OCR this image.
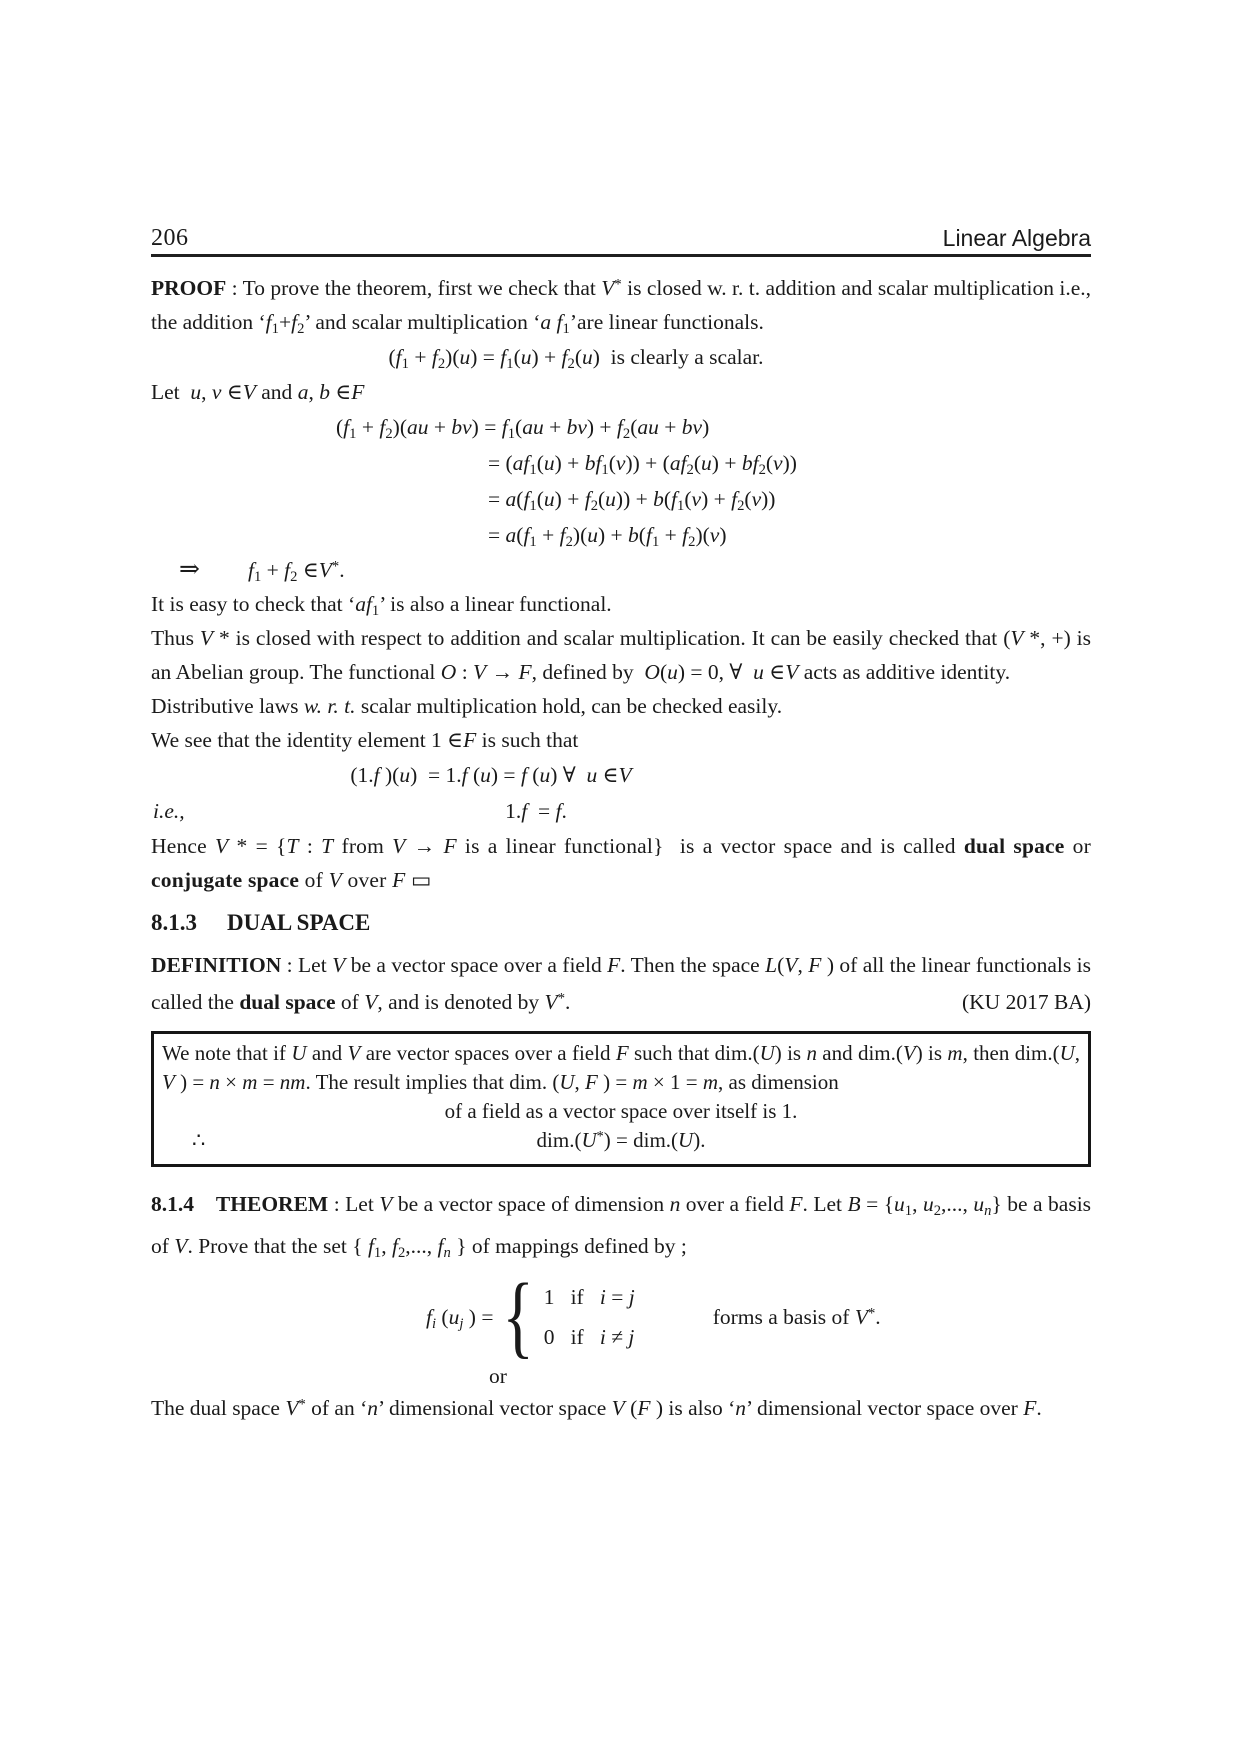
206	Linear Algebra

PROOF : To prove the theorem, first we check that V* is closed w. r. t. addition and scalar multiplication i.e., the addition ‘$f_1+f_2$’ and scalar multiplication ‘a $f_1’are$ linear functionals.

$(f_1 + f_2)(u) = f_1(u) + f_2(u)$  is clearly a scalar.

Let  u, v ∈V and a, b ∈F

$(f_1 + f_2)(au + bv) = f_1(au + bv) + f_2(au + bv)$
= $(af_1(u) + bf_1(v)) + (af_2(u) + bf_2(v))$
= $a(f_1(u) + f_2(u)) + b(f_1(v) + f_2(v))$
= $a(f_1 + f_2)(u) + b(f_1 + f_2)(v)$
⇒ $f_1 + f_2$ ∈V*.

It is easy to check that ‘$af_1$’ is also a linear functional.

Thus V * is closed with respect to addition and scalar multiplication. It can be easily checked that (V *, +) is an Abelian group. The functional O : V → F, defined by  O(u) = 0, ∀  u ∈V acts as additive identity.

Distributive laws w. r. t. scalar multiplication hold, can be checked easily.

We see that the identity element 1 ∈F is such that

(1.f )(u)  = 1.f (u) = f (u) ∀  u ∈V
i.e.,	1.f  = f.

Hence V * = {T : T from V → F is a linear functional}  is a vector space and is called dual space or conjugate space of V over F ▭

8.1.3 DUAL SPACE

DEFINITION : Let V be a vector space over a field F. Then the space L(V, F ) of all the linear functionals is called the dual space of V, and is denoted by V*.	(KU 2017 BA)

We note that if U and V are vector spaces over a field F such that dim.(U) is n and dim.(V) is m, then dim.(U, V ) = n × m = nm. The result implies that dim. (U, F ) = m × 1 = m, as dimension
of a field as a vector space over itself is 1.
∴	dim.(U*) = dim.(U).

8.1.4 THEOREM : Let V be a vector space of dimension n over a field F. Let $B = \{u_1$, $u_2$,..., $u_n$} be a basis of V. Prove that the set { $f_1$, $f_2$,..., $f_n$ } of mappings defined by ;

$f_i$ ($u_j$ ) = { 1   if   i = j
0   if   i ≠ j
forms a basis of V*.
or

The dual space V* of an ‘n’ dimensional vector space V (F ) is also ‘n’ dimensional vector space over F.
